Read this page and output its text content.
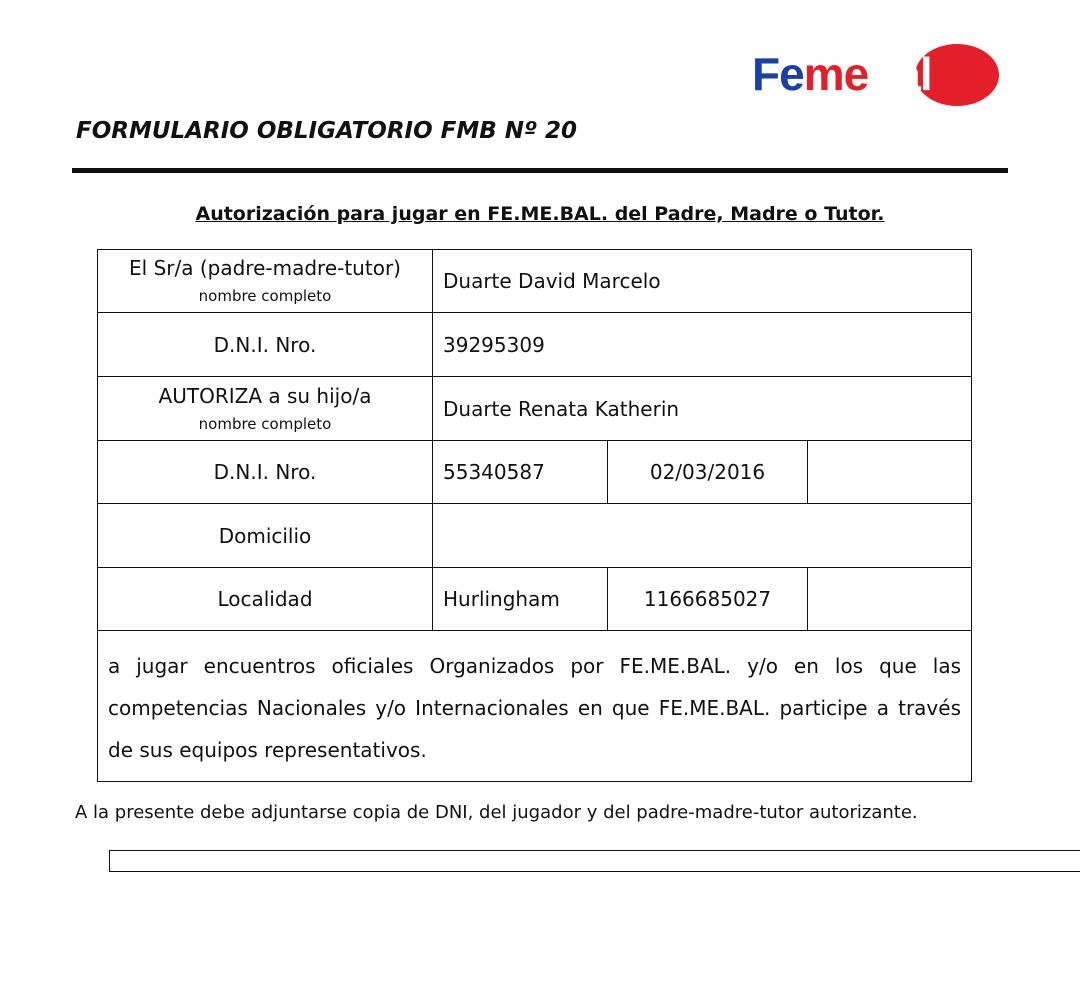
Femebal
FORMULARIO OBLIGATORIO FMB Nº 20
Autorización para jugar en FE.ME.BAL. del Padre, Madre o Tutor.
El Sr/a (padre-madre-tutor)
nombre completo	Duarte David Marcelo		
D.N.I. Nro.	39295309		

AUTORIZA a su hijo/a
nombre completo	Duarte Renata Katherin		
D.N.I. Nro.	55340587	02/03/2016	
Domicilio			
Localidad	Hurlingham	1166685027	
a jugar encuentros oficiales Organizados por FE.ME.BAL. y/o en los que las competencias Nacionales y/o Internacionales en que FE.ME.BAL. participe a través de sus equipos representativos.			
A la presente debe adjuntarse copia de DNI, del jugador y del padre-madre-tutor autorizante.
